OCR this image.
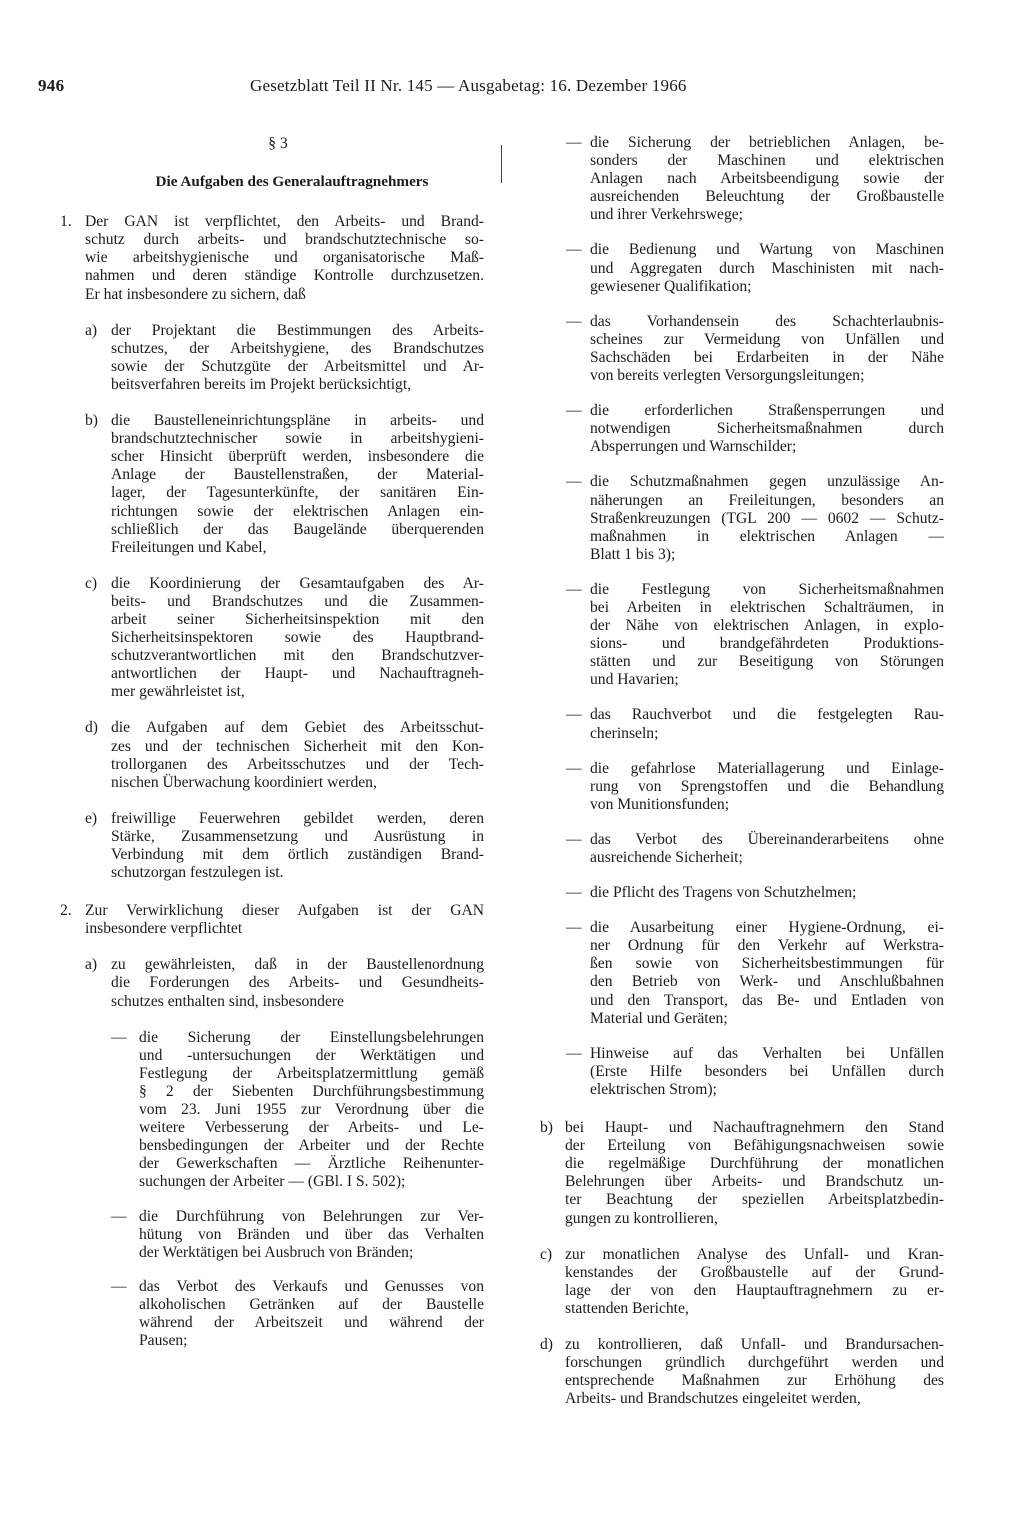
946	Gesetzblatt Teil II Nr. 145 — Ausgabetag: 16. Dezember 1966
§ 3
Die Aufgaben des Generalauftragnehmers
1. Der GAN ist verpflichtet, den Arbeits- und Brand-
schutz durch arbeits- und brandschutztechnische so-
wie arbeitshygienische und organisatorische Maß-
nahmen und deren ständige Kontrolle durchzusetzen.
Er hat insbesondere zu sichern, daß
a) der Projektant die Bestimmungen des Arbeits-
schutzes, der Arbeitshygiene, des Brandschutzes
sowie der Schutzgüte der Arbeitsmittel und Ar-
beitsverfahren bereits im Projekt berücksichtigt,
b) die Baustelleneinrichtungspläne in arbeits- und
brandschutztechnischer sowie in arbeitshygieni-
scher Hinsicht überprüft werden, insbesondere die
Anlage der Baustellenstraßen, der Material-
lager, der Tagesunterkünfte, der sanitären Ein-
richtungen sowie der elektrischen Anlagen ein-
schließlich der das Baugelände überquerenden
Freileitungen und Kabel,
c) die Koordinierung der Gesamtaufgaben des Ar-
beits- und Brandschutzes und die Zusammen-
arbeit seiner Sicherheitsinspektion mit den
Sicherheitsinspektoren sowie des Hauptbrand-
schutzverantwortlichen mit den Brandschutzver-
antwortlichen der Haupt- und Nachauftragneh-
mer gewährleistet ist,
d) die Aufgaben auf dem Gebiet des Arbeitsschut-
zes und der technischen Sicherheit mit den Kon-
trollorganen des Arbeitsschutzes und der Tech-
nischen Überwachung koordiniert werden,
e) freiwillige Feuerwehren gebildet werden, deren
Stärke, Zusammensetzung und Ausrüstung in
Verbindung mit dem örtlich zuständigen Brand-
schutzorgan festzulegen ist.
2. Zur Verwirklichung dieser Aufgaben ist der GAN
insbesondere verpflichtet
a) zu gewährleisten, daß in der Baustellenordnung
die Forderungen des Arbeits- und Gesundheits-
schutzes enthalten sind, insbesondere
— die Sicherung der Einstellungsbelehrungen
und -untersuchungen der Werktätigen und
Festlegung der Arbeitsplatzermittlung gemäß
§ 2 der Siebenten Durchführungsbestimmung
vom 23. Juni 1955 zur Verordnung über die
weitere Verbesserung der Arbeits- und Le-
bensbedingungen der Arbeiter und der Rechte
der Gewerkschaften — Ärztliche Reihenunter-
suchungen der Arbeiter — (GBl. I S. 502);
— die Durchführung von Belehrungen zur Ver-
hütung von Bränden und über das Verhalten
der Werktätigen bei Ausbruch von Bränden;
— das Verbot des Verkaufs und Genusses von
alkoholischen Getränken auf der Baustelle
während der Arbeitszeit und während der
Pausen;
— die Sicherung der betrieblichen Anlagen, be-
sonders der Maschinen und elektrischen
Anlagen nach Arbeitsbeendigung sowie der
ausreichenden Beleuchtung der Großbaustelle
und ihrer Verkehrswege;
— die Bedienung und Wartung von Maschinen
und Aggregaten durch Maschinisten mit nach-
gewiesener Qualifikation;
— das Vorhandensein des Schachterlaubnis-
scheines zur Vermeidung von Unfällen und
Sachschäden bei Erdarbeiten in der Nähe
von bereits verlegten Versorgungsleitungen;
— die erforderlichen Straßensperrungen und
notwendigen Sicherheitsmaßnahmen durch
Absperrungen und Warnschilder;
— die Schutzmaßnahmen gegen unzulässige An-
näherungen an Freileitungen, besonders an
Straßenkreuzungen (TGL 200 — 0602 — Schutz-
maßnahmen in elektrischen Anlagen —
Blatt 1 bis 3);
— die Festlegung von Sicherheitsmaßnahmen
bei Arbeiten in elektrischen Schalträumen, in
der Nähe von elektrischen Anlagen, in explo-
sions- und brandgefährdeten Produktions-
stätten und zur Beseitigung von Störungen
und Havarien;
— das Rauchverbot und die festgelegten Rau-
cherinseln;
— die gefahrlose Materiallagerung und Einlage-
rung von Sprengstoffen und die Behandlung
von Munitionsfunden;
— das Verbot des Übereinanderarbeitens ohne
ausreichende Sicherheit;
— die Pflicht des Tragens von Schutzhelmen;
— die Ausarbeitung einer Hygiene-Ordnung, ei-
ner Ordnung für den Verkehr auf Werkstra-
ßen sowie von Sicherheitsbestimmungen für
den Betrieb von Werk- und Anschlußbahnen
und den Transport, das Be- und Entladen von
Material und Geräten;
— Hinweise auf das Verhalten bei Unfällen
(Erste Hilfe besonders bei Unfällen durch
elektrischen Strom);
b) bei Haupt- und Nachauftragnehmern den Stand
der Erteilung von Befähigungsnachweisen sowie
die regelmäßige Durchführung der monatlichen
Belehrungen über Arbeits- und Brandschutz un-
ter Beachtung der speziellen Arbeitsplatzbedin-
gungen zu kontrollieren,
c) zur monatlichen Analyse des Unfall- und Kran-
kenstandes der Großbaustelle auf der Grund-
lage der von den Hauptauftragnehmern zu er-
stattenden Berichte,
d) zu kontrollieren, daß Unfall- und Brandursachen-
forschungen gründlich durchgeführt werden und
entsprechende Maßnahmen zur Erhöhung des
Arbeits- und Brandschutzes eingeleitet werden,
